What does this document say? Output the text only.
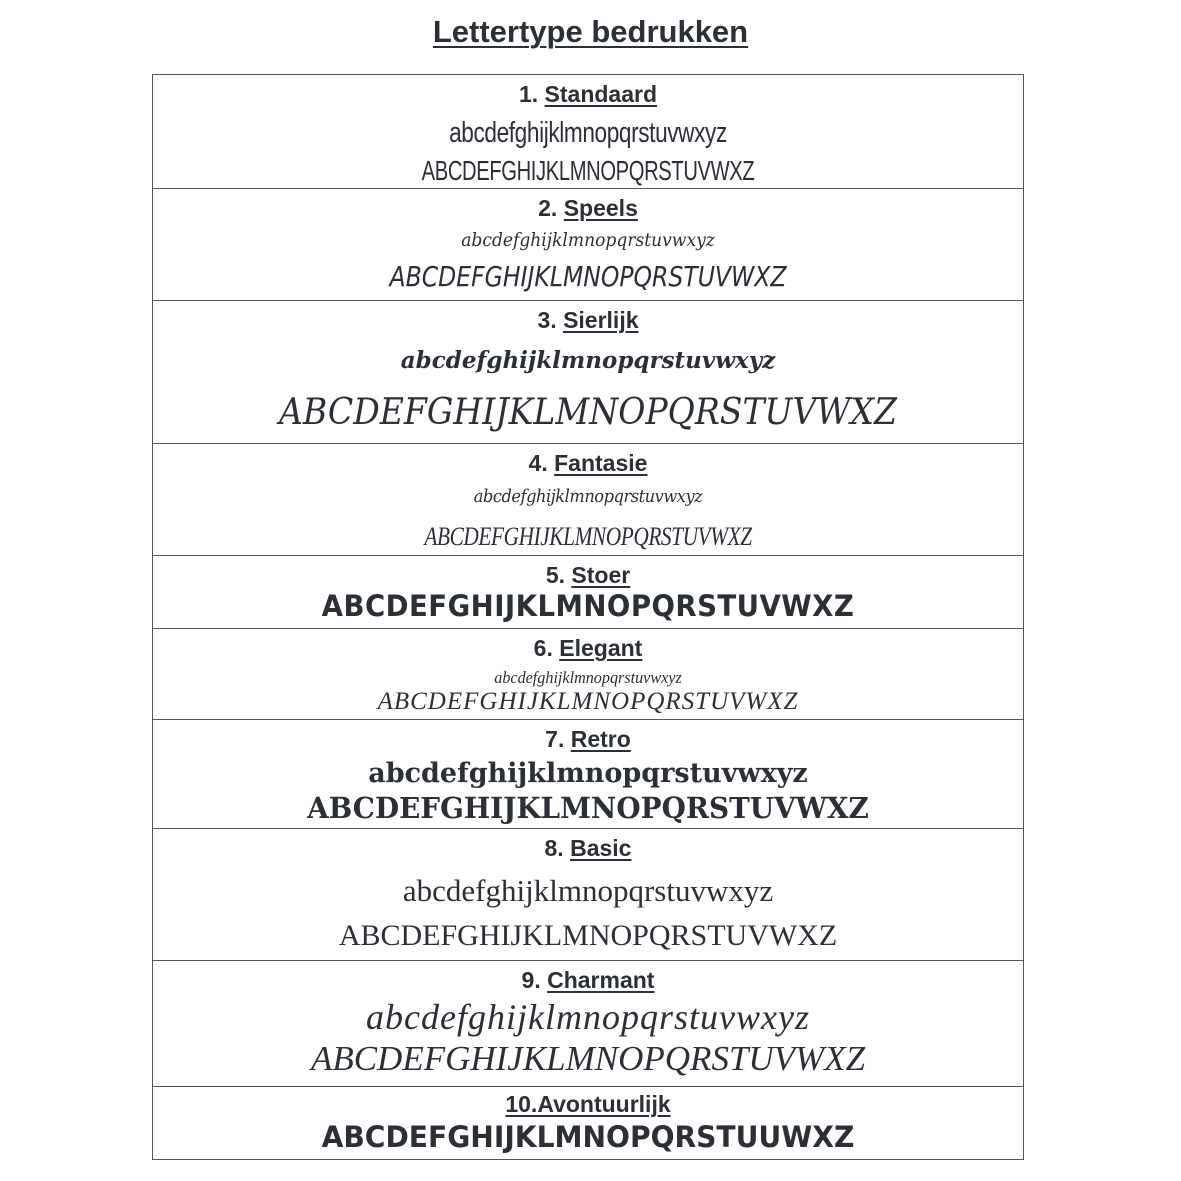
Lettertype bedrukken
1. Standaard
abcdefghijklmnopqrstuvwxyz
ABCDEFGHIJKLMNOPQRSTUVWXZ
2. Speels
abcdefghijklmnopqrstuvwxyz
ABCDEFGHIJKLMNOPQRSTUVWXZ
3. Sierlijk
abcdefghijklmnopqrstuvwxyz
ABCDEFGHIJKLMNOPQRSTUVWXZ
4. Fantasie
abcdefghijklmnopqrstuvwxyz
ABCDEFGHIJKLMNOPQRSTUVWXZ
5. Stoer
ABCDEFGHIJKLMNOPQRSTUVWXZ
6. Elegant
abcdefghijklmnopqrstuvwxyz
ABCDEFGHIJKLMNOPQRSTUVWXZ
7. Retro
abcdefghijklmnopqrstuvwxyz
ABCDEFGHIJKLMNOPQRSTUVWXZ
8. Basic
abcdefghijklmnopqrstuvwxyz
ABCDEFGHIJKLMNOPQRSTUVWXZ
9. Charmant
abcdefghijklmnopqrstuvwxyz
ABCDEFGHIJKLMNOPQRSTUVWXZ
10.Avontuurlijk
ABCDEFGHIJKLMNOPQRSTUUWXZ
